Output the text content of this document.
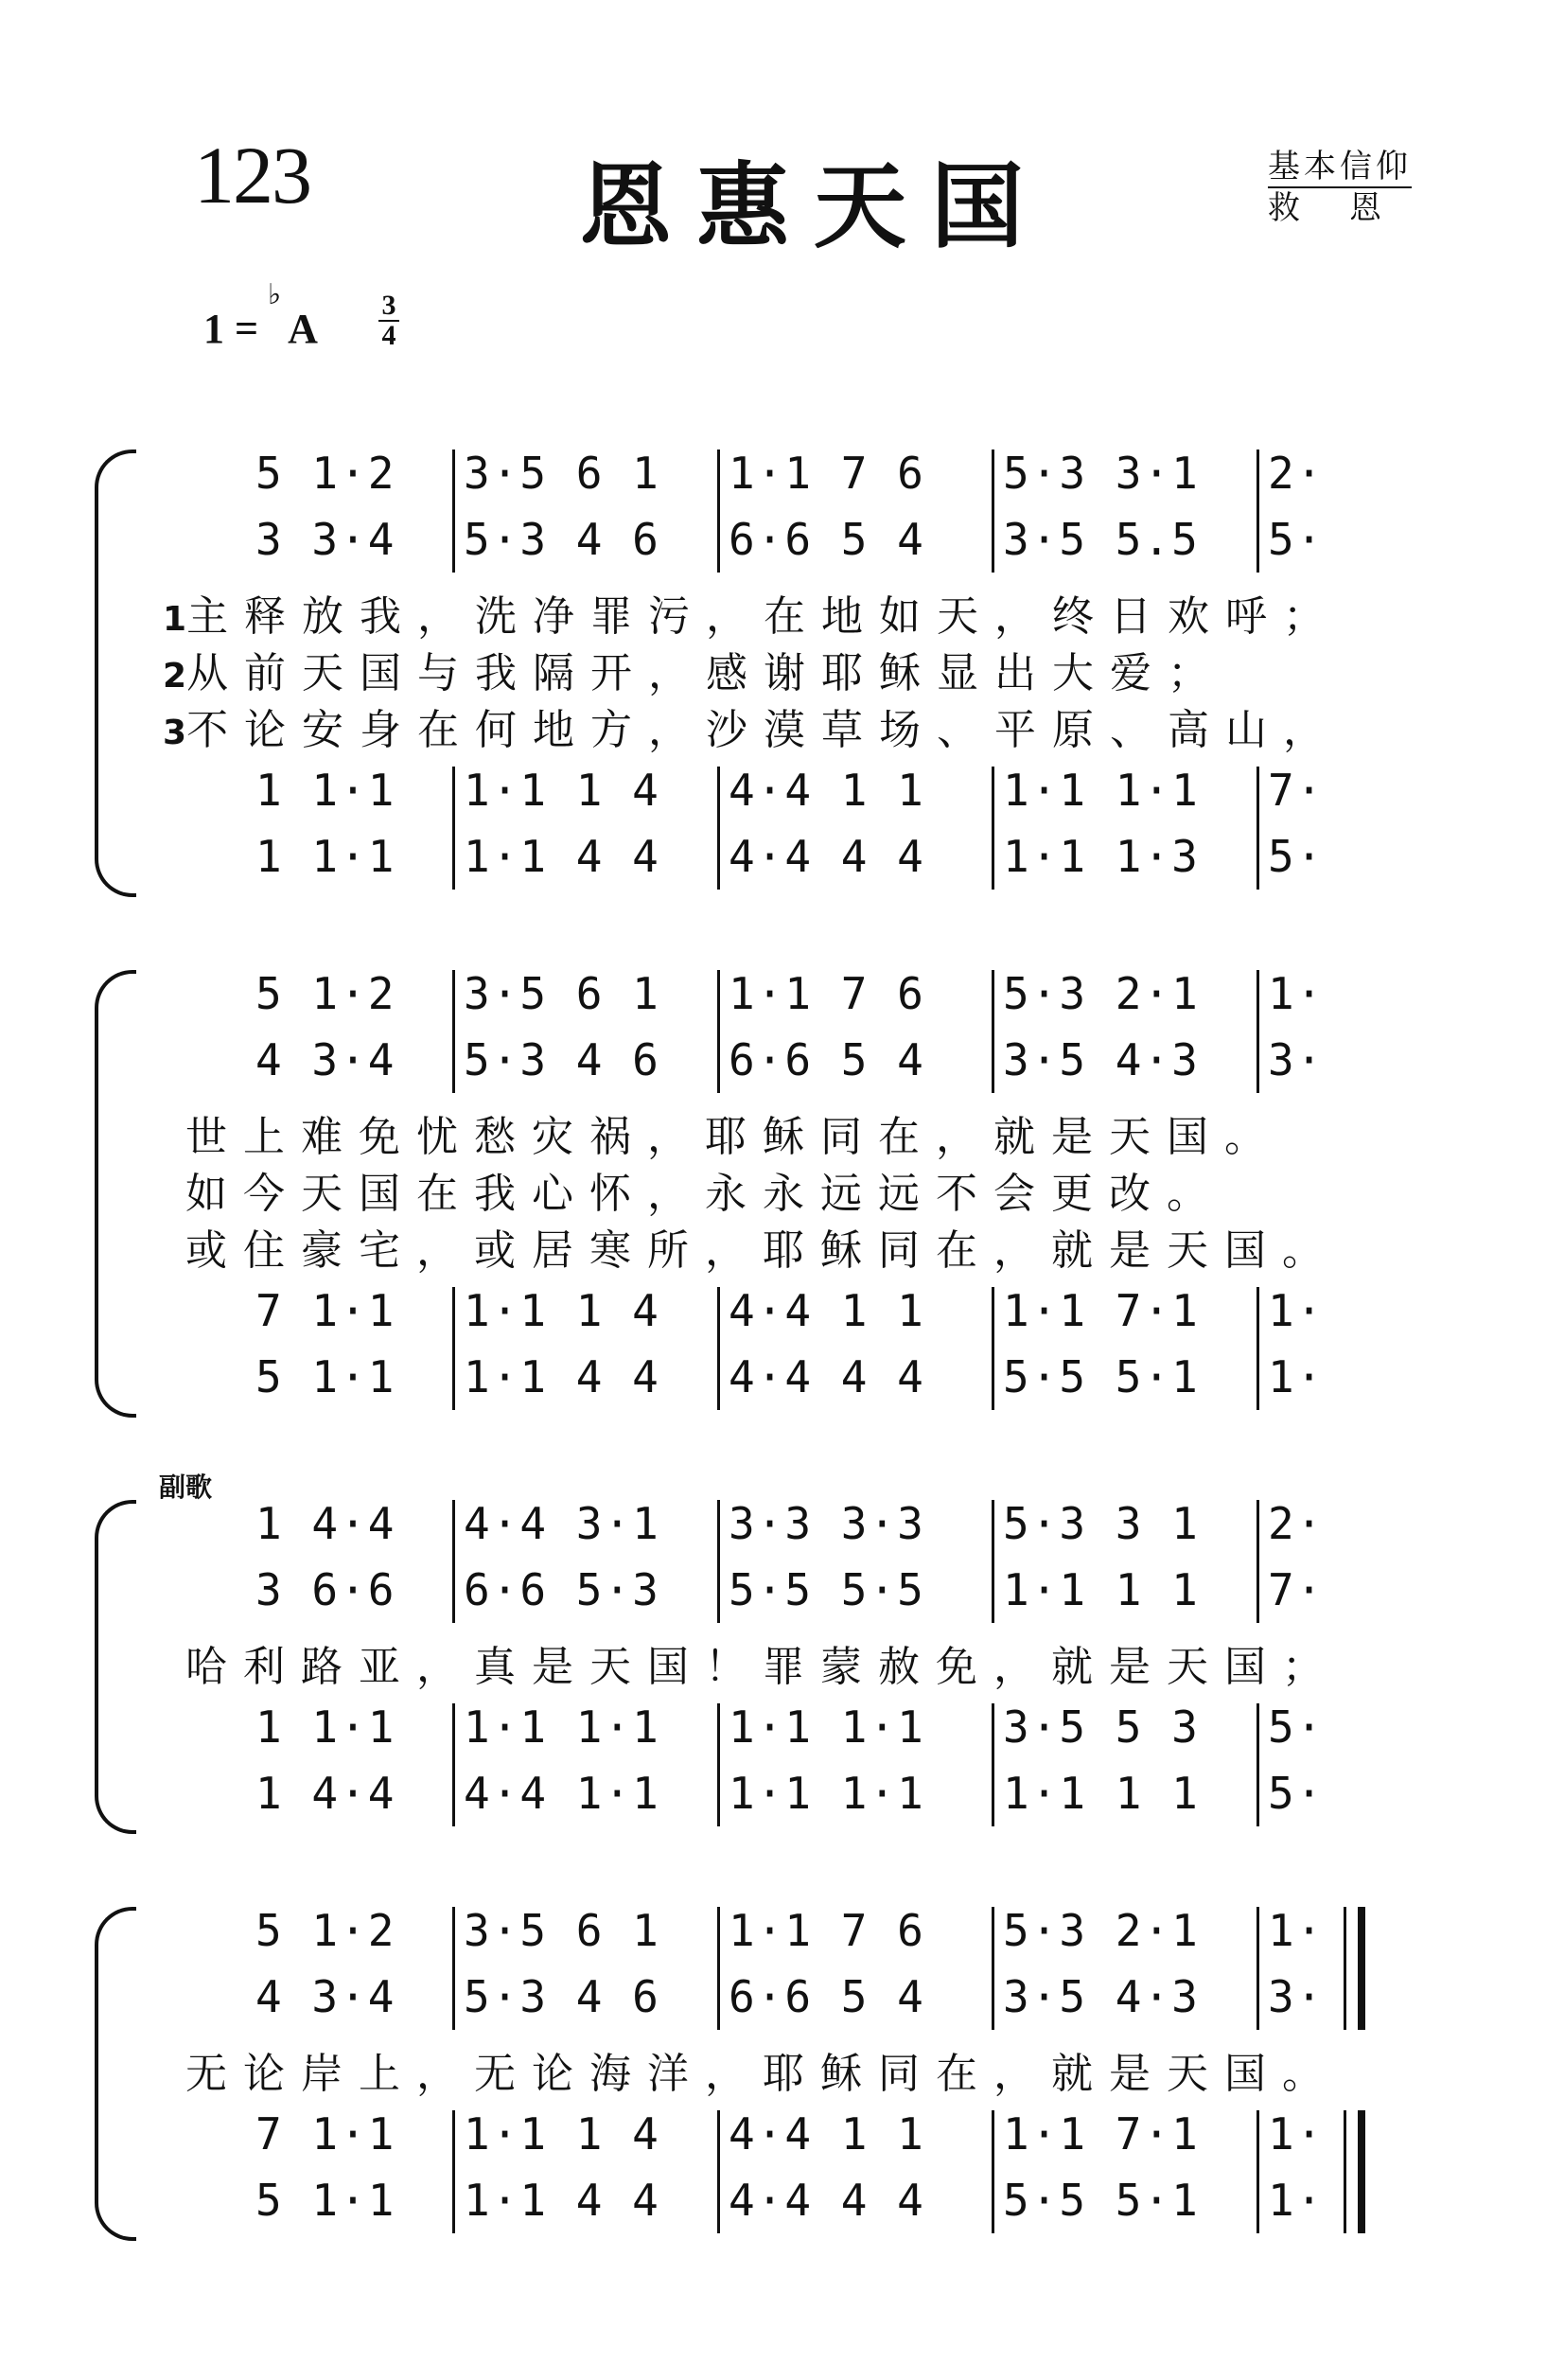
123	恩惠天国	基本信仰
救恩
1 =
♭
A
3
4
副歌
5 1·2 3·5 6 1 1·1 7 6 5·3 3·1 2·
3 3·4 5·3 4 6 6·6 5 4 3·5 5.5 5·
1 1·1 1·1 1 4 4·4 1 1 1·1 1·1 7·
1 1·1 1·1 4 4 4·4 4 4 1·1 1·3 5·
1主释放我，洗净罪污，在地如天，终日欢呼；
2从前天国与我隔开，感谢耶稣显出大爱；
3不论安身在何地方，沙漠草场、平原、高山，
5 1·2 3·5 6 1 1·1 7 6 5·3 2·1 1·
4 3·4 5·3 4 6 6·6 5 4 3·5 4·3 3·
7 1·1 1·1 1 4 4·4 1 1 1·1 7·1 1·
5 1·1 1·1 4 4 4·4 4 4 5·5 5·1 1·
世上难免忧愁灾祸，耶稣同在，就是天国。
如今天国在我心怀，永永远远不会更改。
或住豪宅，或居寒所，耶稣同在，就是天国。
1 4·4 4·4 3·1 3·3 3·3 5·3 3 1 2·
3 6·6 6·6 5·3 5·5 5·5 1·1 1 1 7·
1 1·1 1·1 1·1 1·1 1·1 3·5 5 3 5·
1 4·4 4·4 1·1 1·1 1·1 1·1 1 1 5·
哈利路亚，真是天国！罪蒙赦免，就是天国；
5 1·2 3·5 6 1 1·1 7 6 5·3 2·1 1·
4 3·4 5·3 4 6 6·6 5 4 3·5 4·3 3·
7 1·1 1·1 1 4 4·4 1 1 1·1 7·1 1·
5 1·1 1·1 4 4 4·4 4 4 5·5 5·1 1·
无论岸上，无论海洋，耶稣同在，就是天国。
